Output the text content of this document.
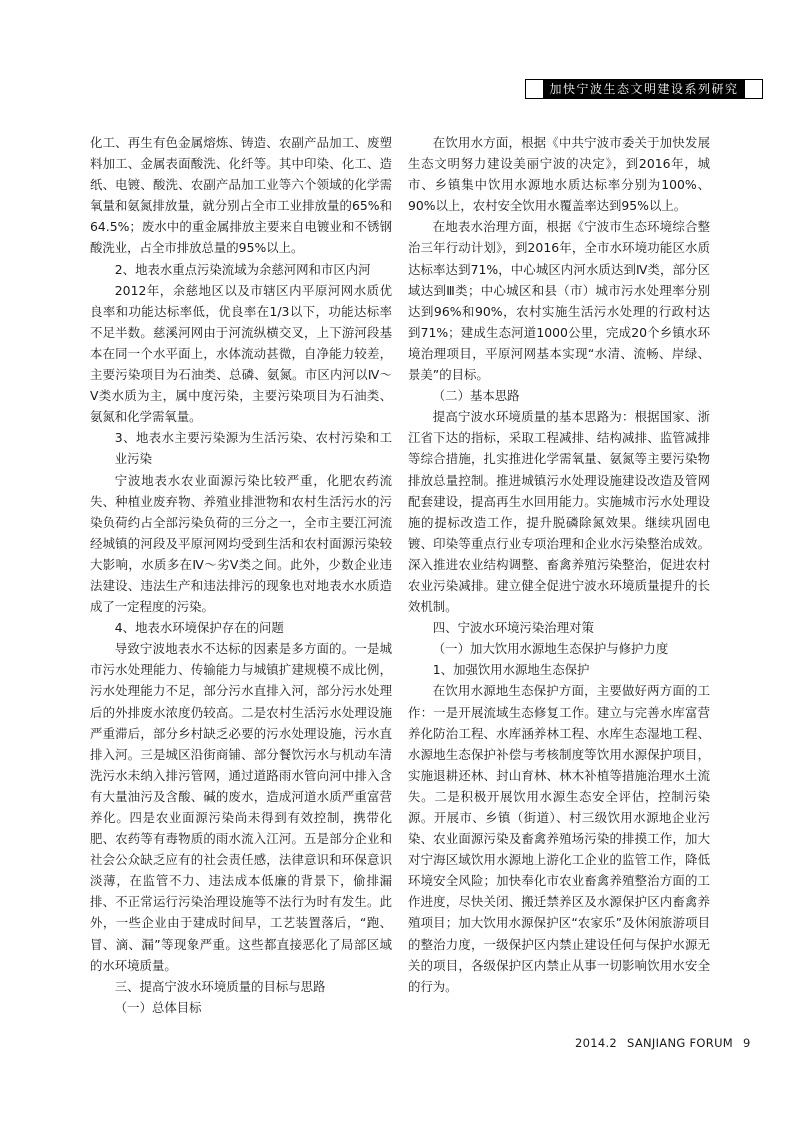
加快宁波生态文明建设系列研究

化工、再生有色金属熔炼、铸造、农副产品加工、废塑料加工、金属表面酸洗、化纤等。其中印染、化工、造纸、电镀、酸洗、农副产品加工业等六个领域的化学需氧量和氨氮排放量，就分别占全市工业排放量的65%和64.5%；废水中的重金属排放主要来自电镀业和不锈钢酸洗业，占全市排放总量的95%以上。

2、地表水重点污染流域为余慈河网和市区内河

2012年，余慈地区以及市辖区内平原河网水质优良率和功能达标率低，优良率在1/3以下，功能达标率不足半数。慈溪河网由于河流纵横交叉，上下游河段基本在同一个水平面上，水体流动甚微，自净能力较差，主要污染项目为石油类、总磷、氨氮。市区内河以Ⅳ～Ⅴ类水质为主，属中度污染，主要污染项目为石油类、氨氮和化学需氧量。

3、地表水主要污染源为生活污染、农村污染和工业污染

宁波地表水农业面源污染比较严重，化肥农药流失、种植业废弃物、养殖业排泄物和农村生活污水的污染负荷约占全部污染负荷的三分之一，全市主要江河流经城镇的河段及平原河网均受到生活和农村面源污染较大影响，水质多在Ⅳ～劣Ⅴ类之间。此外，少数企业违法建设、违法生产和违法排污的现象也对地表水水质造成了一定程度的污染。

4、地表水环境保护存在的问题

导致宁波地表水不达标的因素是多方面的。一是城市污水处理能力、传输能力与城镇扩建规模不成比例，污水处理能力不足，部分污水直排入河，部分污水处理后的外排废水浓度仍较高。二是农村生活污水处理设施严重滞后，部分乡村缺乏必要的污水处理设施，污水直排入河。三是城区沿街商铺、部分餐饮污水与机动车清洗污水未纳入排污管网，通过道路雨水管向河中排入含有大量油污及含酸、碱的废水，造成河道水质严重富营养化。四是农业面源污染尚未得到有效控制，携带化肥、农药等有毒物质的雨水流入江河。五是部分企业和社会公众缺乏应有的社会责任感，法律意识和环保意识淡薄，在监管不力、违法成本低廉的背景下，偷排漏排、不正常运行污染治理设施等不法行为时有发生。此外，一些企业由于建成时间早，工艺装置落后，“跑、冒、滴、漏”等现象严重。这些都直接恶化了局部区域的水环境质量。

三、提高宁波水环境质量的目标与思路

（一）总体目标

在饮用水方面，根据《中共宁波市委关于加快发展生态文明努力建设美丽宁波的决定》，到2016年，城市、乡镇集中饮用水源地水质达标率分别为100%、90%以上，农村安全饮用水覆盖率达到95%以上。

在地表水治理方面，根据《宁波市生态环境综合整治三年行动计划》，到2016年，全市水环境功能区水质达标率达到71%，中心城区内河水质达到Ⅳ类，部分区域达到Ⅲ类；中心城区和县（市）城市污水处理率分别达到96%和90%，农村实施生活污水处理的行政村达到71%；建成生态河道1000公里，完成20个乡镇水环境治理项目，平原河网基本实现“水清、流畅、岸绿、景美”的目标。

（二）基本思路

提高宁波水环境质量的基本思路为：根据国家、浙江省下达的指标，采取工程减排、结构减排、监管减排等综合措施，扎实推进化学需氧量、氨氮等主要污染物排放总量控制。推进城镇污水处理设施建设改造及管网配套建设，提高再生水回用能力。实施城市污水处理设施的提标改造工作，提升脱磷除氮效果。继续巩固电镀、印染等重点行业专项治理和企业水污染整治成效。深入推进农业结构调整、畜禽养殖污染整治，促进农村农业污染减排。建立健全促进宁波水环境质量提升的长效机制。

四、宁波水环境污染治理对策

（一）加大饮用水源地生态保护与修护力度

1、加强饮用水源地生态保护

在饮用水源地生态保护方面，主要做好两方面的工作：一是开展流域生态修复工作。建立与完善水库富营养化防治工程、水库涵养林工程、水库生态湿地工程、水源地生态保护补偿与考核制度等饮用水源保护项目，实施退耕还林、封山育林、林木补植等措施治理水土流失。二是积极开展饮用水源生态安全评估，控制污染源。开展市、乡镇（街道）、村三级饮用水源地企业污染、农业面源污染及畜禽养殖场污染的排摸工作，加大对宁海区域饮用水源地上游化工企业的监管工作，降低环境安全风险；加快奉化市农业畜禽养殖整治方面的工作进度，尽快关闭、搬迁禁养区及水源保护区内畜禽养殖项目；加大饮用水源保护区“农家乐”及休闲旅游项目的整治力度，一级保护区内禁止建设任何与保护水源无关的项目，各级保护区内禁止从事一切影响饮用水安全的行为。

2014.2 SANJIANG FORUM 9
